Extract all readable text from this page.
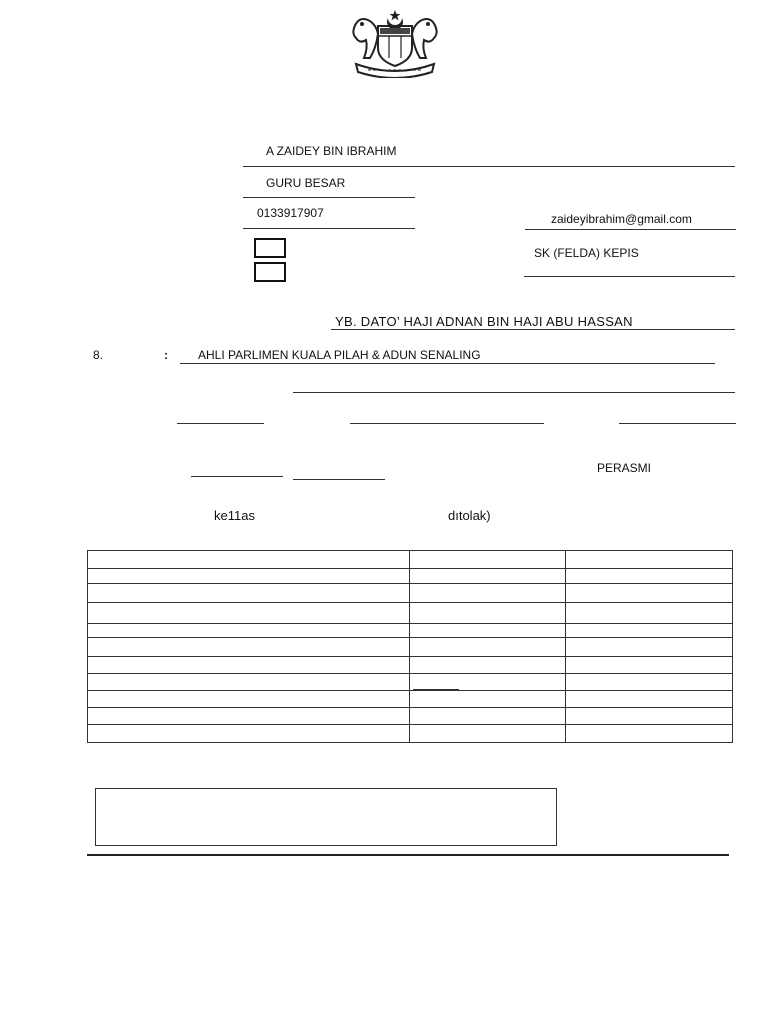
A ZAIDEY BIN IBRAHIM
GURU BESAR
0133917907	zaideyibrahim@gmail.com
SK (FELDA) KEPIS
YB. DATO’ HAJI ADNAN BIN HAJI ABU HASSAN
8.	:	AHLI PARLIMEN KUALA PILAH & ADUN SENALING
PERASMI
ke11as	dıtolak)
